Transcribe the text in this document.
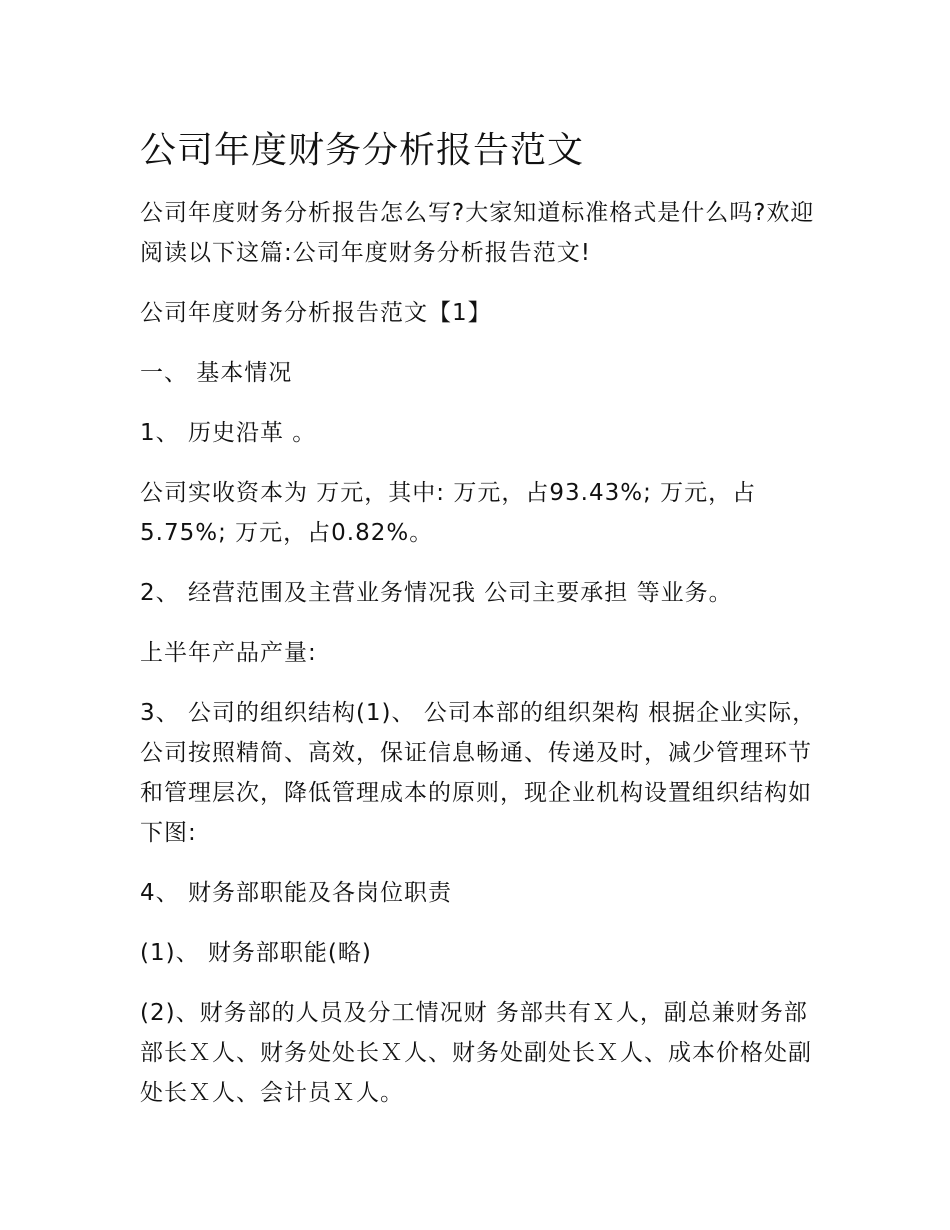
公司年度财务分析报告范文

公司年度财务分析报告怎么写?大家知道标准格式是什么吗?欢迎阅读以下这篇:公司年度财务分析报告范文!

公司年度财务分析报告范文【1】

一、 基本情况

1、 历史沿革 。

公司实收资本为 万元，其中: 万元，占93.43%; 万元，占5.75%; 万元，占0.82%。

2、 经营范围及主营业务情况我 公司主要承担 等业务。

上半年产品产量:

3、 公司的组织结构(1)、 公司本部的组织架构 根据企业实际，公司按照精简、高效，保证信息畅通、传递及时，减少管理环节和管理层次，降低管理成本的原则，现企业机构设置组织结构如下图:

4、 财务部职能及各岗位职责

(1)、 财务部职能(略)

(2)、财务部的人员及分工情况财 务部共有Ｘ人，副总兼财务部部长Ｘ人、财务处处长Ｘ人、财务处副处长Ｘ人、成本价格处副处长Ｘ人、会计员Ｘ人。
